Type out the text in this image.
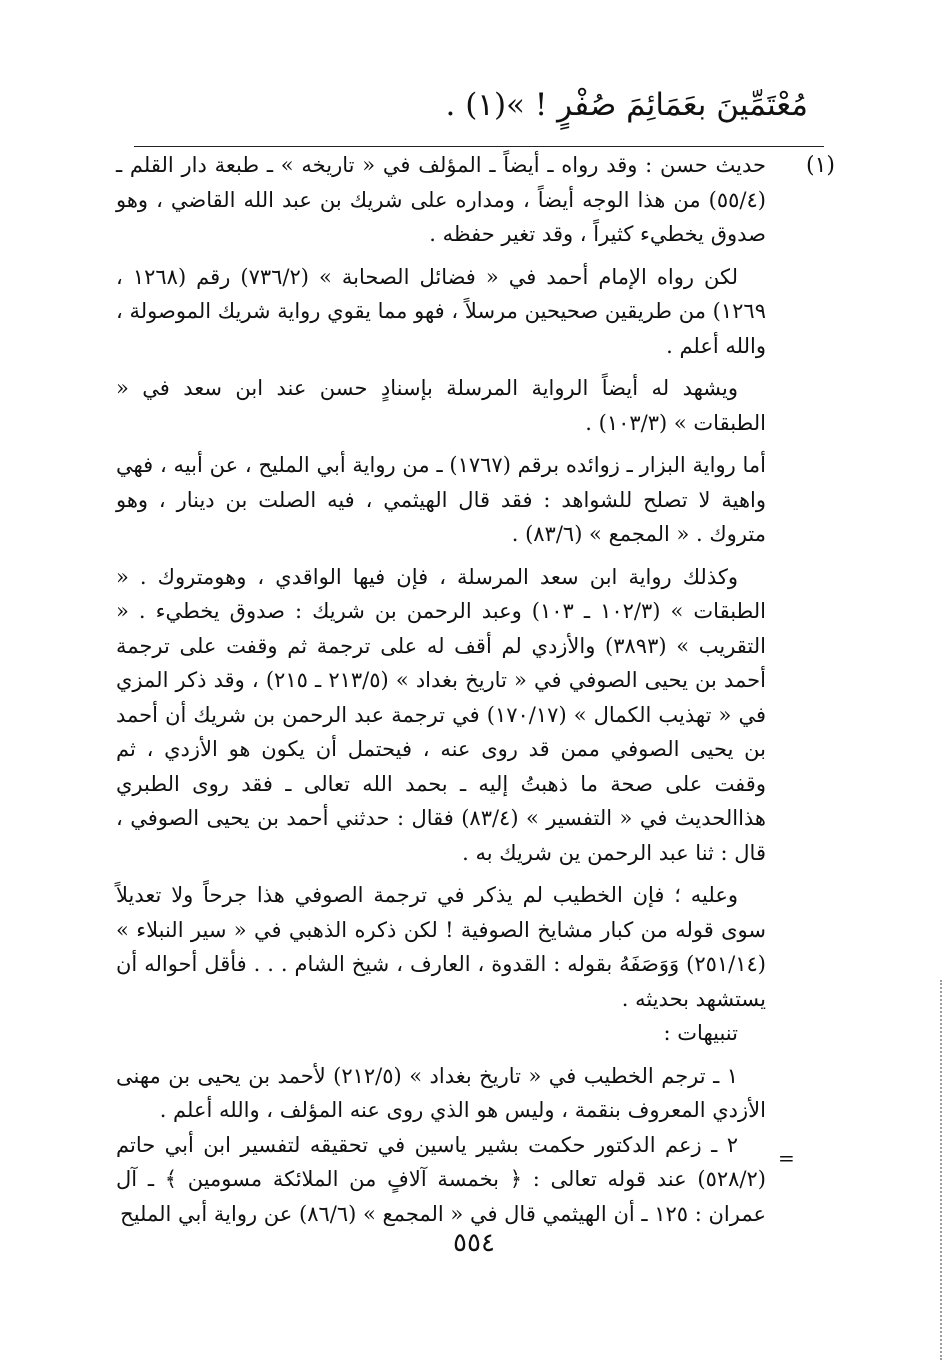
مُعْتَمِّينَ بعَمَائِمَ صُفْرٍ ! »(١) .
(١)

حديث حسن : وقد رواه ـ أيضاً ـ المؤلف في « تاريخه » ـ طبعة دار القلم ـ (٥٥/٤) من هذا الوجه أيضاً ، ومداره على شريك بن عبد الله القاضي ، وهو صدوق يخطيء كثيراً ، وقد تغير حفظه .

لكن رواه الإمام أحمد في « فضائل الصحابة » (٧٣٦/٢) رقم (١٢٦٨ ، ١٢٦٩) من طريقين صحيحين مرسلاً ، فهو مما يقوي رواية شريك الموصولة ، والله أعلم .

ويشهد له أيضاً الرواية المرسلة بإسنادٍ حسن عند ابن سعد في « الطبقات » (١٠٣/٣) .

أما رواية البزار ـ زوائده برقم (١٧٦٧) ـ من رواية أبي المليح ، عن أبيه ، فهي واهية لا تصلح للشواهد : فقد قال الهيثمي ، فيه الصلت بن دينار ، وهو متروك . « المجمع » (٨٣/٦) .

وكذلك رواية ابن سعد المرسلة ، فإن فيها الواقدي ، وهومتروك . « الطبقات » (١٠٢/٣ ـ ١٠٣) وعبد الرحمن بن شريك : صدوق يخطيء . « التقريب » (٣٨٩٣) والأزدي لم أقف له على ترجمة ثم وقفت على ترجمة أحمد بن يحيى الصوفي في « تاريخ بغداد » (٢١٣/٥ ـ ٢١٥) ، وقد ذكر المزي في « تهذيب الكمال » (١٧٠/١٧) في ترجمة عبد الرحمن بن شريك أن أحمد بن يحيى الصوفي ممن قد روى عنه ، فيحتمل أن يكون هو الأزدي ، ثم وقفت على صحة ما ذهبتُ إليه ـ بحمد الله تعالى ـ فقد روى الطبري هذاالحديث في « التفسير » (٨٣/٤) فقال : حدثني أحمد بن يحيى الصوفي ، قال : ثنا عبد الرحمن ين شريك به .

وعليه ؛ فإن الخطيب لم يذكر في ترجمة الصوفي هذا جرحاً ولا تعديلاً سوى قوله من كبار مشايخ الصوفية ! لكن ذكره الذهبي في « سير النبلاء » (٢٥١/١٤) وَوَصَفَهُ بقوله : القدوة ، العارف ، شيخ الشام . . . فأقل أحواله أن يستشهد بحديثه .

تنبيهات :

١ ـ ترجم الخطيب في « تاريخ بغداد » (٢١٢/٥) لأحمد بن يحيى بن مهنى الأزدي المعروف بنقمة ، وليس هو الذي روى عنه المؤلف ، والله أعلم .

٢ ـ زعم الدكتور حكمت بشير ياسين في تحقيقه لتفسير ابن أبي حاتم (٥٢٨/٢) عند قوله تعالى : ﴿ بخمسة آلافٍ من الملائكة مسومين ﴾ ـ آل عمران : ١٢٥ ـ أن الهيثمي قال في « المجمع » (٨٦/٦) عن رواية أبي المليح

=
٥٥٤
